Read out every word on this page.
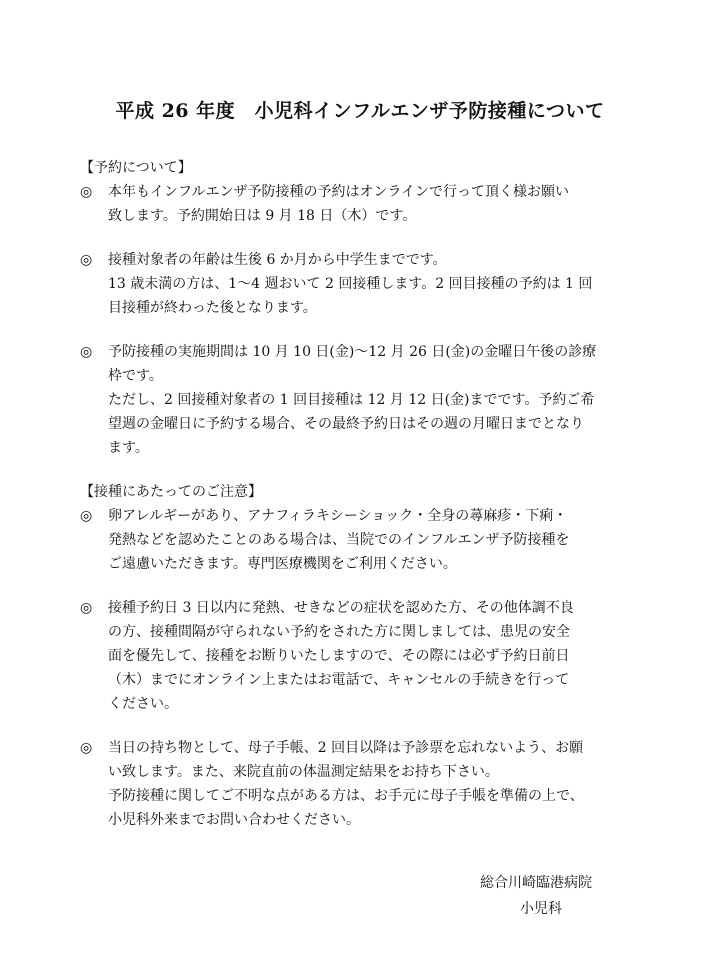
平成 26 年度　小児科インフルエンザ予防接種について

【予約について】

◎	本年もインフルエンザ予防接種の予約はオンラインで行って頂く様お願い

致します。予約開始日は 9 月 18 日（木）です。

◎	接種対象者の年齢は生後 6 か月から中学生までです。

13 歳未満の方は、1〜4 週おいて 2 回接種します。2 回目接種の予約は 1 回

目接種が終わった後となります。

◎	予防接種の実施期間は 10 月 10 日(金)〜12 月 26 日(金)の金曜日午後の診療

枠です。

ただし、2 回接種対象者の 1 回目接種は 12 月 12 日(金)までです。予約ご希

望週の金曜日に予約する場合、その最終予約日はその週の月曜日までとなり

ます。

【接種にあたってのご注意】

◎	卵アレルギーがあり、アナフィラキシーショック・全身の蕁麻疹・下痢・

発熱などを認めたことのある場合は、当院でのインフルエンザ予防接種を

ご遠慮いただきます。専門医療機関をご利用ください。

◎	接種予約日 3 日以内に発熱、せきなどの症状を認めた方、その他体調不良

の方、接種間隔が守られない予約をされた方に関しましては、患児の安全

面を優先して、接種をお断りいたしますので、その際には必ず予約日前日

（木）までにオンライン上またはお電話で、キャンセルの手続きを行って

ください。

◎	当日の持ち物として、母子手帳、2 回目以降は予診票を忘れないよう、お願

い致します。また、来院直前の体温測定結果をお持ち下さい。

予防接種に関してご不明な点がある方は、お手元に母子手帳を準備の上で、

小児科外来までお問い合わせください。

総合川崎臨港病院
小児科
